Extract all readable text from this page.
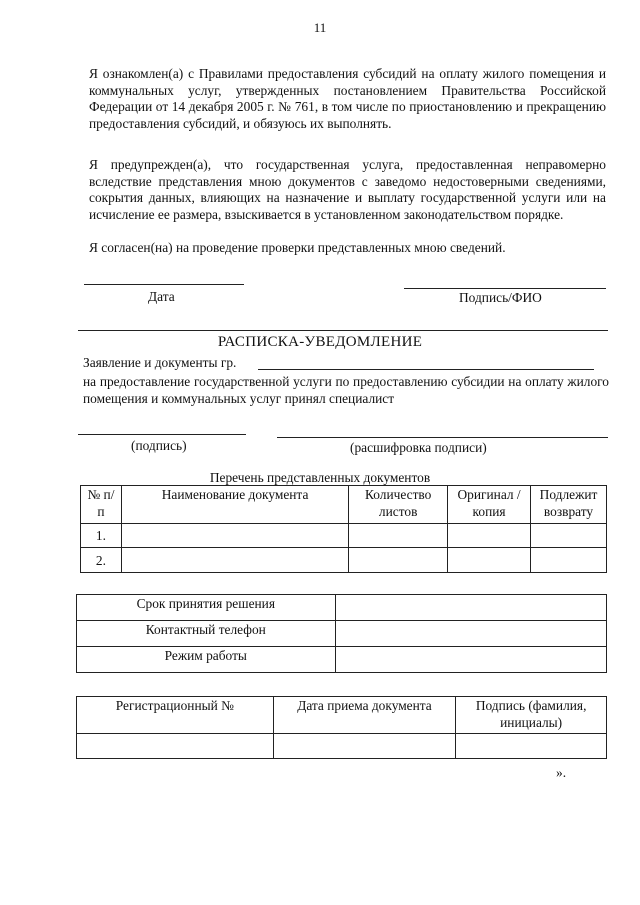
11
Я ознакомлен(а) с Правилами предоставления субсидий на оплату жилого помещения и коммунальных услуг, утвержденных постановлением Правительства Российской Федерации от 14 декабря 2005 г. № 761, в том числе по приостановлению и прекращению предоставления субсидий, и обязуюсь их выполнять.
Я предупрежден(а), что государственная услуга, предоставленная неправомерно вследствие представления мною документов с заведомо недостоверными сведениями, сокрытия данных, влияющих на назначение и выплату государственной услуги или на исчисление ее размера, взыскивается в установленном законодательством порядке.
Я согласен(на) на проведение проверки представленных мною сведений.
Дата	Подпись/ФИО
РАСПИСКА-УВЕДОМЛЕНИЕ
Заявление и документы гр.
на предоставление государственной услуги по предоставлению субсидии на оплату жилого помещения и коммунальных услуг принял специалист
(подпись)	(расшифровка подписи)
Перечень представленных документов
№ п/п	Наименование документа	Количество листов	Оригинал /копия	Подлежит возврату
1.				
2.				
Срок принятия решения	
Контактный телефон	
Режим работы	
Регистрационный №	Дата приема документа	Подпись (фамилия, инициалы)

».
